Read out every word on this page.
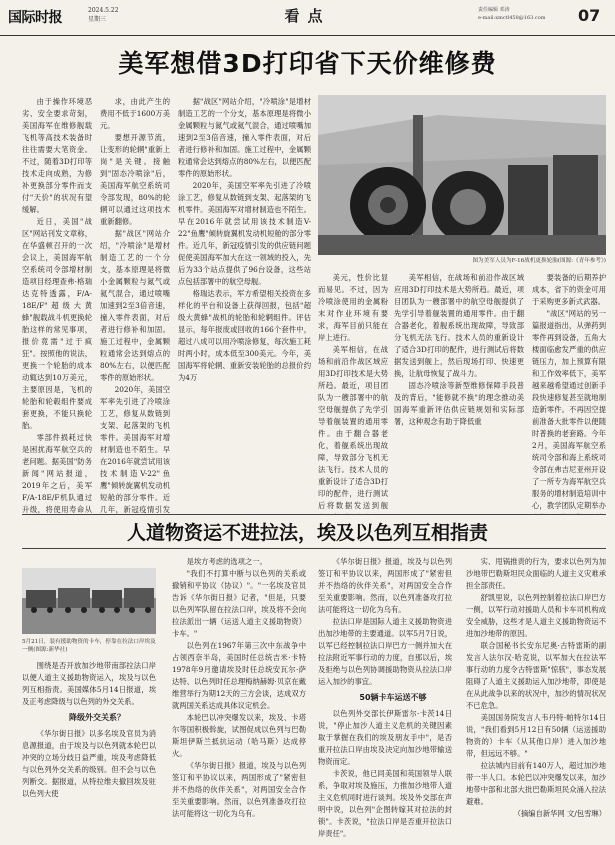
国际时报	2024.5.22
星期三	看点	责任编辑 邓涛
e-mail:xmctl458@163.com	07
美军想借3D打印省下天价维修费

由于操作环境恶劣、安全要求苛刻，美国海军在维修舰载飞机等高技术装备时往往需要大笔资金。不过，随着3D打印等技术走向成熟，为修补更换部分零件而支付"天价"的状况有望缓解。

近日，美国"战区"网站刊发文章称，在华盛顿召开的一次会议上，美国海军航空系统司令部增材制造项目经理查弗·格瑞达克特透露，F/A-18E/F"超级大黄蜂"舰载战斗机更换轮胎这样的常见事项，报价竟需"过于疯狂"。按照他的说法，更换一个轮胎的成本动辄达到10万美元，主要原因是，飞机的轮胎和轮毂组件要成套更换，不能只换轮胎。

零部件损耗过快是困扰海军航空兵的老问题。据美国"防务新闻"网站报道，2019年之后，美军F/A-18E/F机队通过升级，将使用寿命从

求，由此产生的费用不低于1600万美元。

要想开源节流，让变形的轮辋"重新上岗"是关键。接触到"固态冷喷涂"后，美国海军航空系统司令部发现，80%的轮辋可以通过这项技术重新翻修。

据"战区"网站介绍，"冷喷涂"是增材制造工艺的一个分支，基本原理是将微小金属颗粒与氮气或氦气混合，通过喷嘴加速到2至3倍音速，撞入零件表面，对后者进行修补和加固。施工过程中，金属颗粒通常会达到熔点的80%左右，以便匹配零件的原始形状。

2020年，美国空军率先引进了冷喷涂工艺，修复从数链到支架、起落架的飞机零件。美国海军对增材制造也不陌生。早在2016年就尝试用该技术制造V-22"鱼鹰"倾转旋翼机发动机短舱的部分零件。近几年，新冠疫情引发

据"战区"网站介绍，"冷喷涂"是增材制造工艺的一个分支，基本原理是将微小金属颗粒与氮气或氦气混合，通过喷嘴加速到2至3倍音速，撞入零件表面，对后者进行修补和加固。施工过程中，金属颗粒通常会达到熔点的80%左右，以便匹配零件的原始形状。

2020年，美国空军率先引进了冷喷涂工艺，修复从数链到支架、起落架的飞机零件。美国海军对增材制造也不陌生。早在2016年就尝试用该技术制造V-22"鱼鹰"倾转旋翼机发动机短舱的部分零件。近几年，新冠疫情引发的供应链问题促使美国海军加大在这一领域的投入，先后为33个站点提供了96台设备，这些站点包括部署中的航空母舰。

格瑞达表示，军方希望相关投资在多样化的平台和设备上获得回报，包括"超级大黄蜂"战机的轮胎和轮辋组件。评估显示，每年报废或回收的166个套件中，超过八成可以用冷喷涂修复，每次施工耗时两小时，成本低至300美元。今年，美国海军将轮辋、重新安装轮胎的总报价约为4万

图为美军人员为F-16战机更换轮胎(图源:《青年参考》)

美元，性价比显而易见。不过，因为冷喷涂使用的金属粉末对作业环境有要求，海军目前只能在岸上进行。

美军相信，在战场和前沿作战区域应用3D打印技术是大势所趋。最近，项目团队为一艘部署中的航空母舰提供了先学引导着舰装置的通用零件。由于翻合器老化，着舰系统出现故障，导致部分飞机无法飞行。技术人员的重新设计了适合3D打印的配件，进行测试后将数据发送到舰

美军相信，在战场和前沿作战区域应用3D打印技术是大势所趋。最近，项目团队为一艘部署中的航空母舰提供了先学引导着舰装置的通用零件。由于翻合器老化，着舰系统出现故障，导致部分飞机无法飞行。技术人员的重新设计了适合3D打印的配件，进行测试后将数据发送到舰上，然后现场打印、快速更换，让航母恢复了战斗力。

固态冷喷涂等新型维修保障手段普及的背后，"能修就不换"的理念推动美国海军重新评估供应链规划和实际部署，这种观念有助于降低重

要装备的后期养护成本，省下的资金可用于采购更多新式武器。

"战区"网站的另一篇报道指出，从弹药到零件再到设备，五角大楼面临愈发严重的供应链压力，加上预算有限和工作效率低下，美军越来越希望通过创新手段快速修复甚至就地制造新零件。不再因空提前准备大批零件以便随时普换的老套路。今年2月，美国海军航空系统司令部和海上系统司令部在弗吉尼亚州开设了一所专为海军航空兵服务的增材制造培训中心，教学团队定期举办

人道物资运不进拉法，埃及以色列互相指责
5月21日，装有援助物资的卡车，停靠在拉法口岸埃及一侧(图源:新华社)

围绕是否开放加沙地带南部拉法口岸以便人道主义援助物资运入，埃及与以色列互相指责。美国媒体5月14日报道，埃及正考虑降级与以色列的外交关系。

降级外交关系？

《华尔街日报》以多名埃及官员为消息源报道，由于埃及与以色列就本轮巴以冲突的立场分歧日益严重，埃及考虑降低与以色列外交关系的级别。但不会与以色列断交。据报道，从特拉维夫撤回埃及驻以色列大使

是埃方考虑的选项之一。

"我们不打算中断与以色列的关系或撤销和平协议（协议）"。"一名埃及官员告诉《华尔街日报》记者，"但是，只要以色列军队留在拉法口岸，埃及将不会向拉法派出一辆（运送人道主义援助物资）卡车。"

以色列在1967年第三次中东战争中占领西奈半岛，美国时任总统吉米·卡特1978年9月邀请埃及时任总统安瓦尔·萨达特、以色列时任总理梅纳赫姆·贝京在戴维营举行为期12天的三方会谈，达成双方就两国关系达成具体议定机会。

本轮巴以冲突爆发以来，埃及、卡塔尔等国积极斡旋，试图促成以色列与巴勒斯坦伊斯兰抵抗运动（哈马斯）达成停火。

《华尔街日报》报道，埃及与以色列签订和平协议以来，两国形成了"紧密但并不热络的伙伴关系"，对两国安全合作至关重要影响。然而，以色列准备攻打拉法可能将这一切化为乌有。

《华尔街日报》报道，埃及与以色列签订和平协议以来，两国形成了"紧密但并不热络的伙伴关系"，对两国安全合作至关重要影响。然而，以色列准备攻打拉法可能将这一切化为乌有。

拉法口岸是国际人道主义援助物资进出加沙地带的主要通道。以军5月7日说，以军已经控制拉法口岸巴方一侧并加大在拉法附近军事行动的力度，自那以后，埃及拒绝与以色列协调援助物资从拉法口岸运入加沙的事宜。

50辆卡车运送不够

以色列外交部长伊斯雷尔·卡茨14日说，"停止加沙人道主义危机的关键因素取于掌握在我们的埃及朋友手中"，是否重开拉法口岸由埃及决定向加沙地带输送物资而定。

卡茨说，他已同美国和英国领导人联系，争取对埃及施压，力推加沙地带人道主义危机同时进行谈判。埃及外交部在声明中说，以色列"企图转嫁其对拉法的封锁"。卡茨说，"拉法口岸是否重开拉法口岸责任"。

实、甩锅推责的行为，要求以色列为加沙地带巴勒斯坦民众面临的人道主义灾难承担全部责任。

舒凯里说，以色列控制着拉法口岸巴方一侧，以军行动对援助人员和卡车司机构成安全威胁，这些才是人道主义援助物资运不进加沙地带的原因。

联合国秘书长安东尼奥·古特雷斯的副发言人法尔汉·哈克说，以军加大在拉法军事行动的力度令古特雷斯"惊骇"，事态发展阻碍了人道主义援助运入加沙地带，即使是在从此战争以来的状况中，加沙的情况状况不已危急。

美国国务院发言人韦丹特·帕特尔14日说，"我们看到5月12日有50辆（运送援助物资的）卡车（从其他口岸）进入加沙地带，但远远不够。"

拉法城内目前有140万人，超过加沙地带一半人口。本轮巴以冲突爆发以来，加沙地带中部和北部大批巴勒斯坦民众涌入拉法避难。

（摘编自新华网 文/包雪琳）
